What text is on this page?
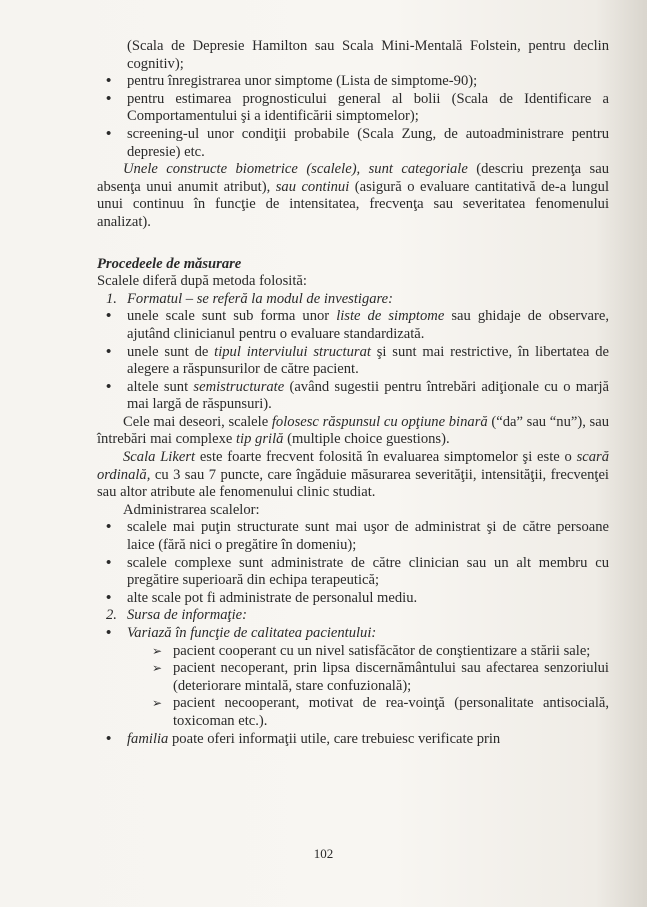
(Scala de Depresie Hamilton sau Scala Mini-Mentală Folstein, pentru declin cognitiv);

• pentru înregistrarea unor simptome (Lista de simptome-90);
• pentru estimarea prognosticului general al bolii (Scala de Identificare a Comportamentului şi a identificării simptomelor);
• screening-ul unor condiţii probabile (Scala Zung, de autoadministrare pentru depresie) etc.

Unele constructe biometrice (scalele), sunt categoriale (descriu prezenţa sau absenţa unui anumit atribut), sau continui (asigură o evaluare cantitativă de-a lungul unui continuu în funcţie de intensitatea, frecvenţa sau severitatea fenomenului analizat).

Procedeele de măsurare

Scalele diferă după metoda folosită:

1. Formatul – se referă la modul de investigare:
• unele scale sunt sub forma unor liste de simptome sau ghidaje de observare, ajutând clinicianul pentru o evaluare standardizată.
• unele sunt de tipul interviului structurat şi sunt mai restrictive, în libertatea de alegere a răspunsurilor de către pacient.
• altele sunt semistructurate (având sugestii pentru întrebări adiţionale cu o marjă mai largă de răspunsuri).

Cele mai deseori, scalele folosesc răspunsul cu opţiune binară (“da” sau “nu”), sau întrebări mai complexe tip grilă (multiple choice guestions).

Scala Likert este foarte frecvent folosită în evaluarea simptomelor şi este o scară ordinală, cu 3 sau 7 puncte, care îngăduie măsurarea severităţii, intensităţii, frecvenţei sau altor atribute ale fenomenului clinic studiat.

Administrarea scalelor:

• scalele mai puţin structurate sunt mai uşor de administrat şi de către persoane laice (fără nici o pregătire în domeniu);
• scalele complexe sunt administrate de către clinician sau un alt membru cu pregătire superioară din echipa terapeutică;
• alte scale pot fi administrate de personalul mediu.
2. Sursa de informaţie:
• Variază în funcţie de calitatea pacientului:
➢ pacient cooperant cu un nivel satisfăcător de conştientizare a stării sale;
➢ pacient necoperant, prin lipsa discernământului sau afectarea senzoriului (deteriorare mintală, stare confuzională);
➢ pacient necooperant, motivat de rea-voinţă (personalitate antisocială, toxicoman etc.).
• familia poate oferi informaţii utile, care trebuiesc verificate prin
102
